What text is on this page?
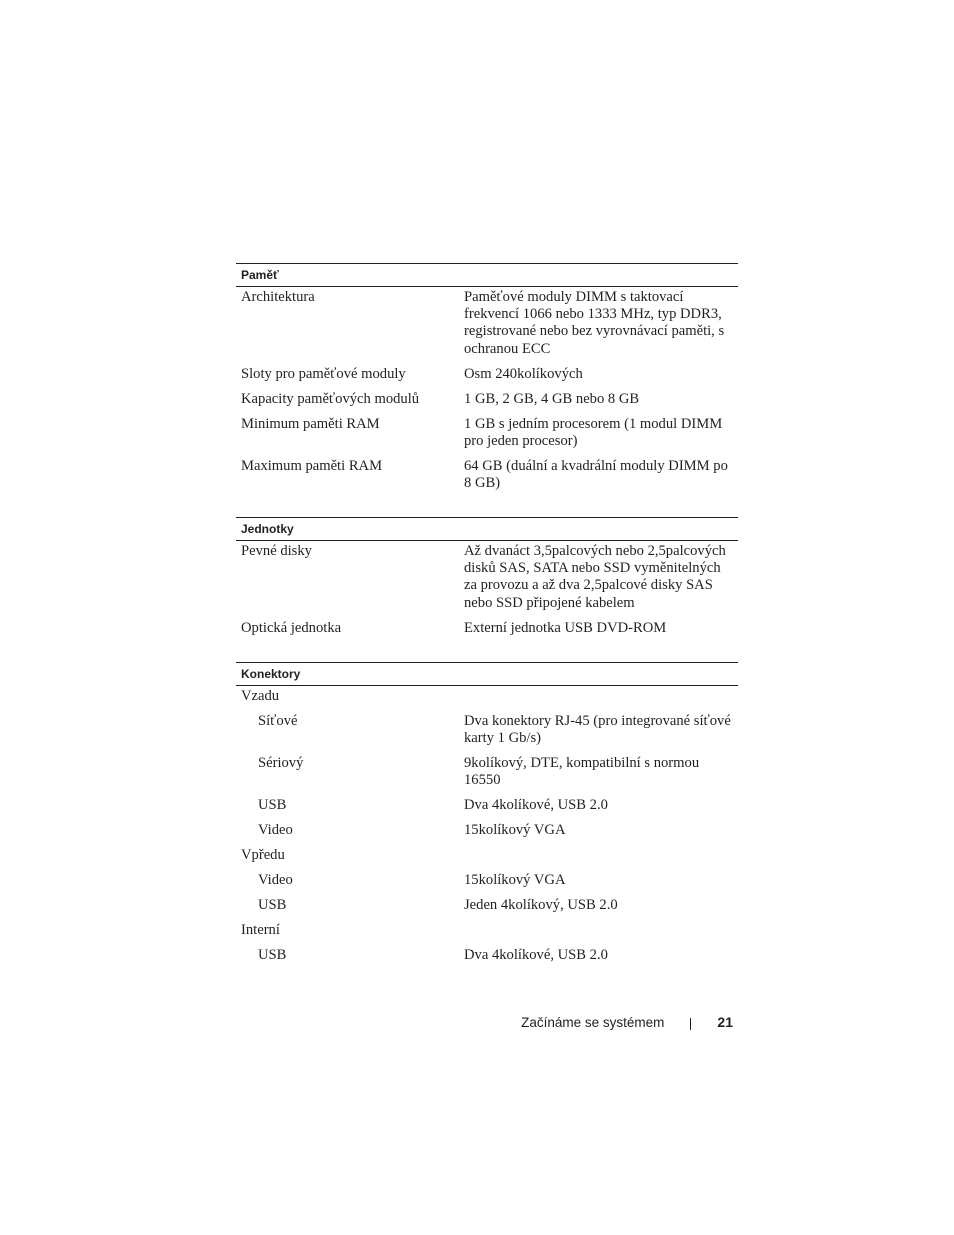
Paměť
Architektura	Paměťové moduly DIMM s taktovací frekvencí 1066 nebo 1333 MHz, typ DDR3, registrované nebo bez vyrovnávací paměti, s ochranou ECC
Sloty pro paměťové moduly	Osm 240kolíkových
Kapacity paměťových modulů	1 GB, 2 GB, 4 GB nebo 8 GB
Minimum paměti RAM	1 GB s jedním procesorem (1 modul DIMM pro jeden procesor)
Maximum paměti RAM	64 GB (duální a kvadrální moduly DIMM po 8 GB)
Jednotky
Pevné disky	Až dvanáct 3,5palcových nebo 2,5palcových disků SAS, SATA nebo SSD vyměnitelných za provozu a až dva 2,5palcové disky SAS nebo SSD připojené kabelem
Optická jednotka	Externí jednotka USB DVD-ROM
Konektory
Vzadu
Síťové	Dva konektory RJ-45 (pro integrované síťové karty 1 Gb/s)
Sériový	9kolíkový, DTE, kompatibilní s normou 16550
USB	Dva 4kolíkové, USB 2.0
Video	15kolíkový VGA
Vpředu
Video	15kolíkový VGA
USB	Jeden 4kolíkový, USB 2.0
Interní
USB	Dva 4kolíkové, USB 2.0
Začínáme se systémem	21
